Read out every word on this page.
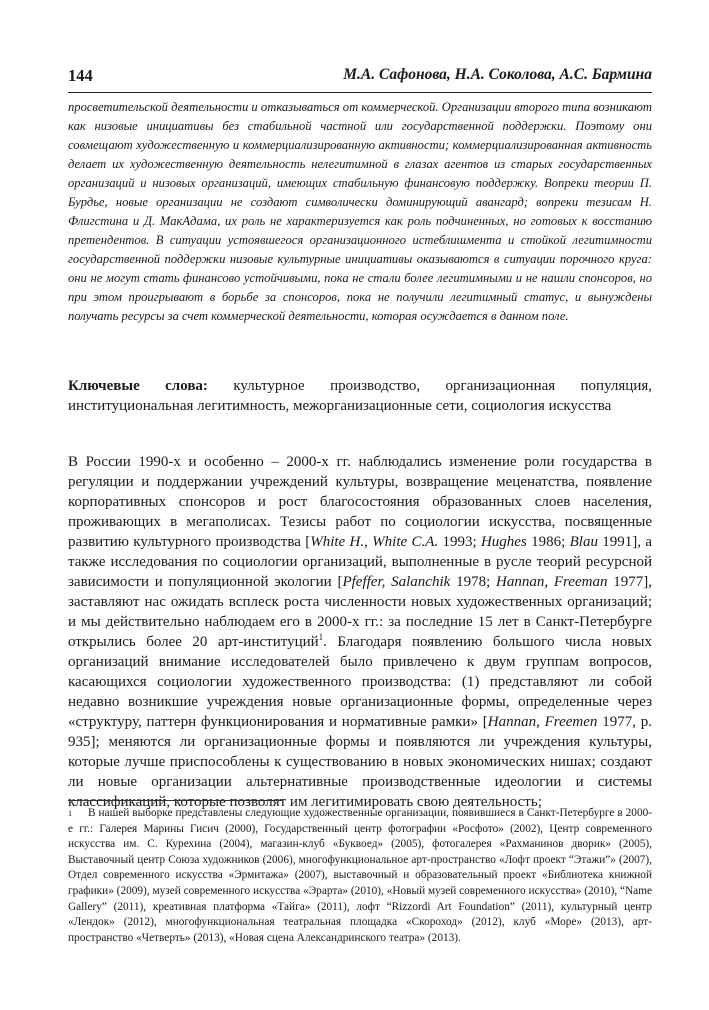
144	М.А. Сафонова, Н.А. Соколова, А.С. Бармина

просветительской деятельности и отказываться от коммерческой. Организации второго типа возникают как низовые инициативы без стабильной частной или государственной поддержки. Поэтому они совмещают художественную и коммерциализированную активности; коммерциализированная активность делает их художественную деятельность нелегитимной в глазах агентов из старых государственных организаций и низовых организаций, имеющих стабильную финансовую поддержку. Вопреки теории П. Бурдье, новые организации не создают символически доминирующий авангард; вопреки тезисам Н. Флигстина и Д. МакАдама, их роль не характеризуется как роль подчиненных, но готовых к восстанию претендентов. В ситуации устоявшегося организационного истеблишмента и стойкой легитимности государственной поддержки низовые культурные инициативы оказываются в ситуации порочного круга: они не могут стать финансово устойчивыми, пока не стали более легитимными и не нашли спонсоров, но при этом проигрывают в борьбе за спонсоров, пока не получили легитимный статус, и вынуждены получать ресурсы за счет коммерческой деятельности, которая осуждается в данном поле.

Ключевые слова: культурное производство, организационная популяция, институциональная легитимность, межорганизационные сети, социология искусства

В России 1990-х и особенно – 2000-х гг. наблюдались изменение роли государства в регуляции и поддержании учреждений культуры, возвращение меценатства, появление корпоративных спонсоров и рост благосостояния образованных слоев населения, проживающих в мегаполисах. Тезисы работ по социологии искусства, посвященные развитию культурного производства [White H., White C.A. 1993; Hughes 1986; Blau 1991], а также исследования по социологии организаций, выполненные в русле теорий ресурсной зависимости и популяционной экологии [Pfeffer, Salanchik 1978; Hannan, Freeman 1977], заставляют нас ожидать всплеск роста численности новых художественных организаций; и мы действительно наблюдаем его в 2000-х гг.: за последние 15 лет в Санкт-Петербурге открылись более 20 арт-институций$^1$. Благодаря появлению большого числа новых организаций внимание исследователей было привлечено к двум группам вопросов, касающихся социологии художественного производства: (1) представляют ли собой недавно возникшие учреждения новые организационные формы, определенные через «структуру, паттерн функционирования и нормативные рамки» [Hannan, Freemen 1977, p. 935]; меняются ли организационные формы и появляются ли учреждения культуры, которые лучше приспособлены к существованию в новых экономических нишах; создают ли новые организации альтернативные производственные идеологии и системы классификаций, которые позволят им легитимировать свою деятельность;

$^1$ В нашей выборке представлены следующие художественные организации, появившиеся в Санкт-Петербурге в 2000-е гг.: Галерея Марины Гисич (2000), Государственный центр фотографии «Росфото» (2002), Центр современного искусства им. С. Курехина (2004), магазин-клуб «Буквоед» (2005), фотогалерея «Рахманинов дворик» (2005), Выставочный центр Союза художников (2006), многофункциональное арт-пространство «Лофт проект “Этажи”» (2007), Отдел современного искусства «Эрмитажа» (2007), выставочный и образовательный проект «Библиотека книжной графики» (2009), музей современного искусства «Эрарта» (2010), «Новый музей современного искусства» (2010), “Name Gallery” (2011), креативная платформа «Тайга» (2011), лофт “Rizzordi Art Foundation” (2011), культурный центр «Лендок» (2012), многофункциональная театральная площадка «Скороход» (2012), клуб «Море» (2013), арт-пространство «Четверть» (2013), «Новая сцена Александринского театра» (2013).
